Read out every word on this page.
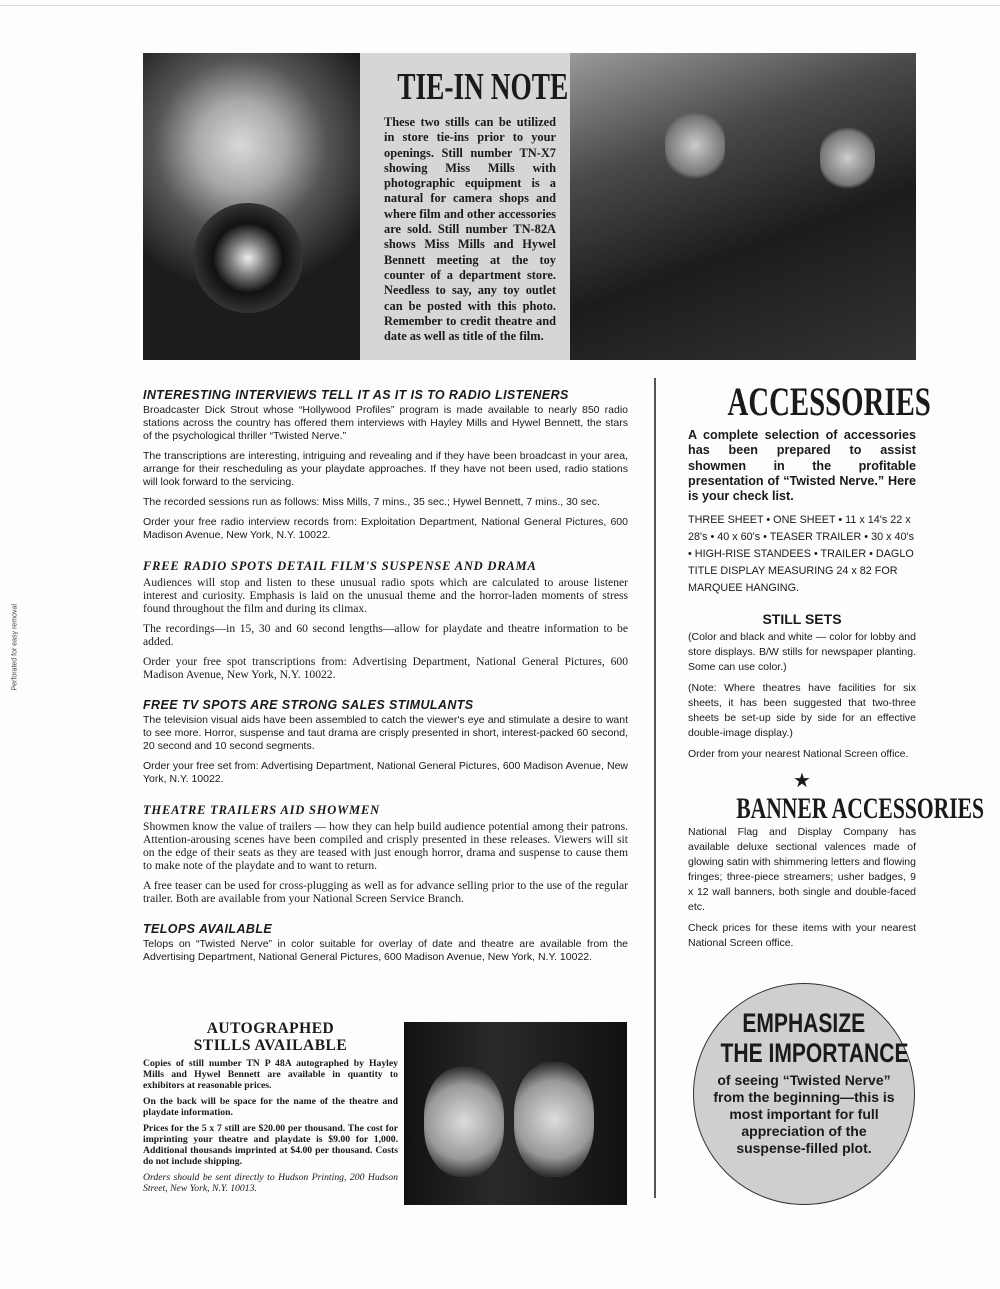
Perforated for easy removal
TIE-IN NOTE
These two stills can be utilized in store tie-ins prior to your openings. Still number TN-X7 showing Miss Mills with photographic equipment is a natural for camera shops and where film and other accessories are sold. Still number TN-82A shows Miss Mills and Hywel Bennett meeting at the toy counter of a department store. Needless to say, any toy outlet can be posted with this photo. Remember to credit theatre and date as well as title of the film.
INTERESTING INTERVIEWS TELL IT AS IT IS TO RADIO LISTENERS

Broadcaster Dick Strout whose “Hollywood Profiles” program is made available to nearly 850 radio stations across the country has offered them interviews with Hayley Mills and Hywel Bennett, the stars of the psychological thriller “Twisted Nerve.”

The transcriptions are interesting, intriguing and revealing and if they have been broadcast in your area, arrange for their rescheduling as your playdate approaches. If they have not been used, radio stations will look forward to the servicing.

The recorded sessions run as follows: Miss Mills, 7 mins., 35 sec.; Hywel Bennett, 7 mins., 30 sec.

Order your free radio interview records from: Exploitation Department, National General Pictures, 600 Madison Avenue, New York, N.Y. 10022.

FREE RADIO SPOTS DETAIL FILM'S SUSPENSE AND DRAMA

Audiences will stop and listen to these unusual radio spots which are calculated to arouse listener interest and curiosity. Emphasis is laid on the unusual theme and the horror-laden moments of stress found throughout the film and during its climax.

The recordings—in 15, 30 and 60 second lengths—allow for playdate and theatre information to be added.

Order your free spot transcriptions from: Advertising Department, National General Pictures, 600 Madison Avenue, New York, N.Y. 10022.

FREE TV SPOTS ARE STRONG SALES STIMULANTS

The television visual aids have been assembled to catch the viewer's eye and stimulate a desire to want to see more. Horror, suspense and taut drama are crisply presented in short, interest-packed 60 second, 20 second and 10 second segments.

Order your free set from: Advertising Department, National General Pictures, 600 Madison Avenue, New York, N.Y. 10022.

THEATRE TRAILERS AID SHOWMEN

Showmen know the value of trailers — how they can help build audience potential among their patrons. Attention-arousing scenes have been compiled and crisply presented in these releases. Viewers will sit on the edge of their seats as they are teased with just enough horror, drama and suspense to cause them to make note of the playdate and to want to return.

A free teaser can be used for cross-plugging as well as for advance selling prior to the use of the regular trailer. Both are available from your National Screen Service Branch.

TELOPS AVAILABLE

Telops on “Twisted Nerve” in color suitable for overlay of date and theatre are available from the Advertising Department, National General Pictures, 600 Madison Avenue, New York, N.Y. 10022.

AUTOGRAPHED
STILLS AVAILABLE

Copies of still number TN P 48A autographed by Hayley Mills and Hywel Bennett are available in quantity to exhibitors at reasonable prices.

On the back will be space for the name of the theatre and playdate information.

Prices for the 5 x 7 still are $20.00 per thousand. The cost for imprinting your theatre and playdate is $9.00 for 1,000. Additional thousands imprinted at $4.00 per thousand. Costs do not include shipping.

Orders should be sent directly to Hudson Printing, 200 Hudson Street, New York, N.Y. 10013.

ACCESSORIES

A complete selection of accessories has been prepared to assist showmen in the profitable presentation of “Twisted Nerve.” Here is your check list.

THREE SHEET • ONE SHEET • 11 x 14's 22 x 28's • 40 x 60's • TEASER TRAILER • 30 x 40's • HIGH-RISE STANDEES • TRAILER • DAGLO TITLE DISPLAY MEASURING 24 x 82 FOR MARQUEE HANGING.

STILL SETS

(Color and black and white — color for lobby and store displays. B/W stills for newspaper planting. Some can use color.)

(Note: Where theatres have facilities for six sheets, it has been suggested that two-three sheets be set-up side by side for an effective double-image display.)

Order from your nearest National Screen office.

★
BANNER ACCESSORIES

National Flag and Display Company has available deluxe sectional valences made of glowing satin with shimmering letters and flowing fringes; three-piece streamers; usher badges, 9 x 12 wall banners, both single and double-faced etc.

Check prices for these items with your nearest National Screen office.

EMPHASIZE
THE IMPORTANCE
of seeing “Twisted Nerve” from the beginning—this is most important for full appreciation of the suspense-filled plot.
